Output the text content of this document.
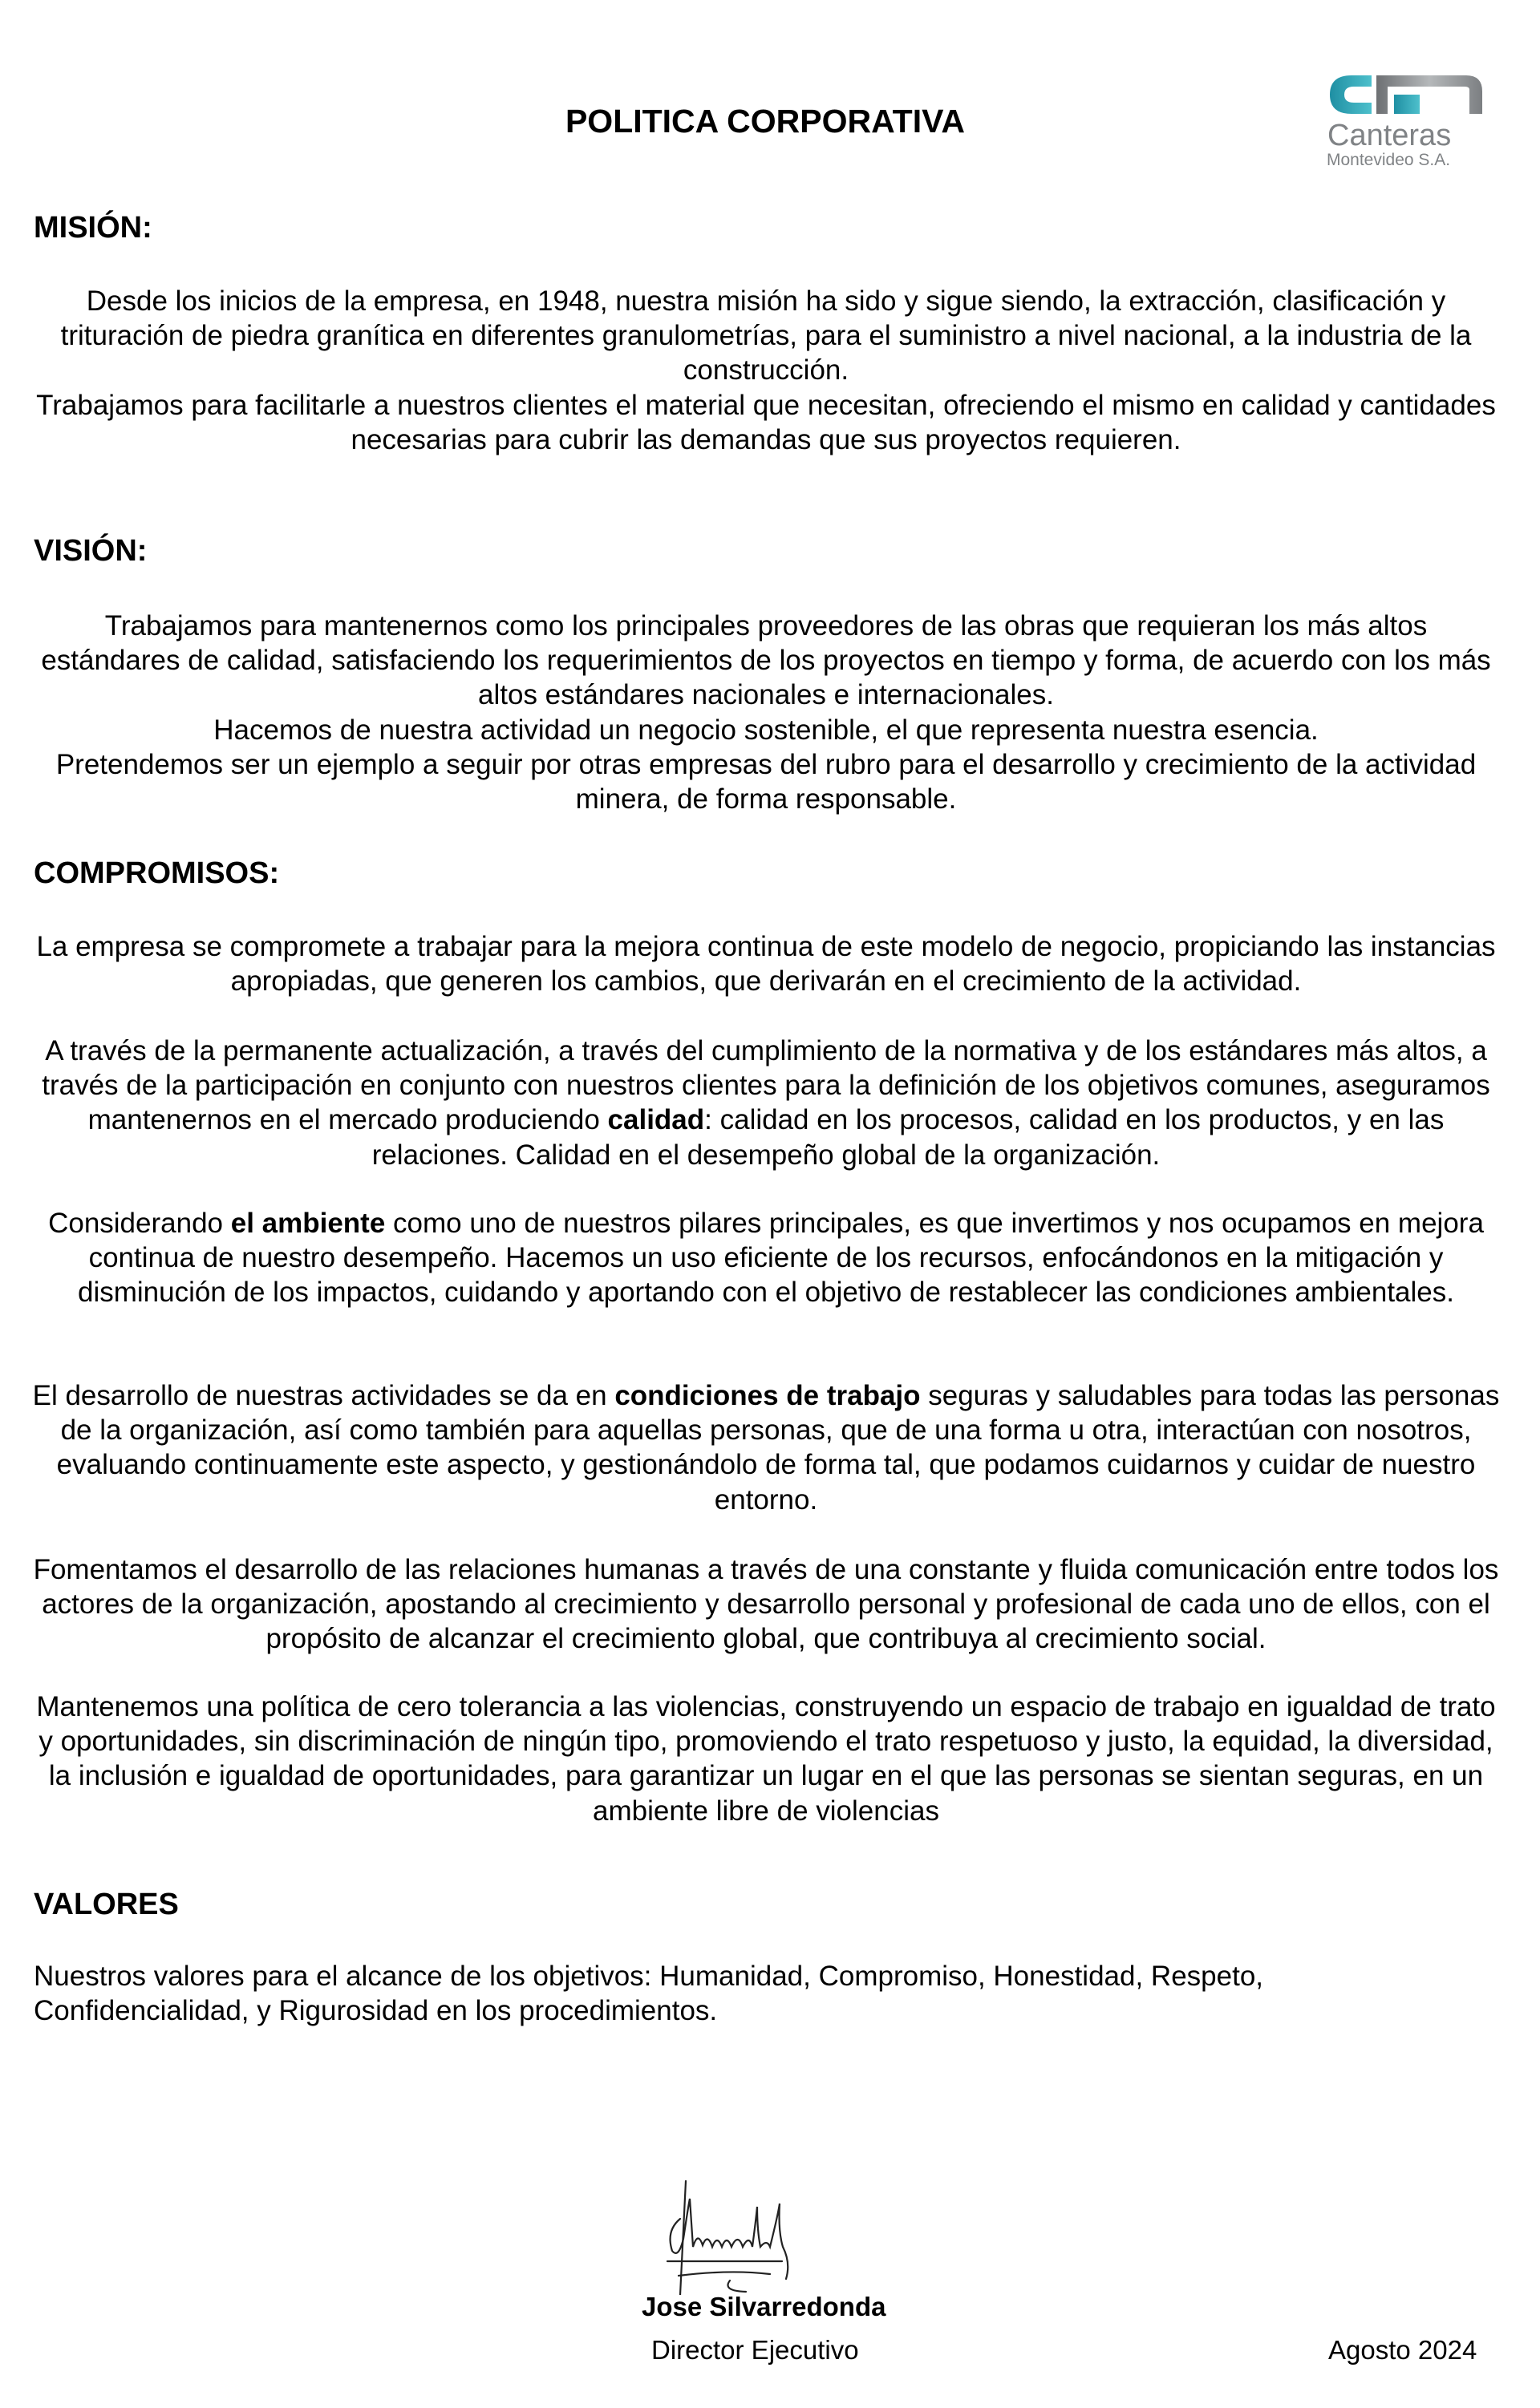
POLITICA CORPORATIVA	Canteras
Montevideo S.A.
MISIÓN:
Desde los inicios de la empresa, en 1948, nuestra misión ha sido y sigue siendo, la extracción, clasificación y trituración de piedra granítica en diferentes granulometrías, para el suministro a nivel nacional, a la industria de la construcción.
Trabajamos para facilitarle a nuestros clientes el material que necesitan, ofreciendo el mismo en calidad y cantidades necesarias para cubrir las demandas que sus proyectos requieren.
VISIÓN:
Trabajamos para mantenernos como los principales proveedores de las obras que requieran los más altos estándares de calidad, satisfaciendo los requerimientos de los proyectos en tiempo y forma, de acuerdo con los más altos estándares nacionales e internacionales.
Hacemos de nuestra actividad un negocio sostenible, el que representa nuestra esencia.
Pretendemos ser un ejemplo a seguir por otras empresas del rubro para el desarrollo y crecimiento de la actividad minera, de forma responsable.
COMPROMISOS:
La empresa se compromete a trabajar para la mejora continua de este modelo de negocio, propiciando las instancias apropiadas, que generen los cambios, que derivarán en el crecimiento de la actividad.
A través de la permanente actualización, a través del cumplimiento de la normativa y de los estándares más altos, a través de la participación en conjunto con nuestros clientes para la definición de los objetivos comunes, aseguramos mantenernos en el mercado produciendo calidad: calidad en los procesos, calidad en los productos, y en las relaciones. Calidad en el desempeño global de la organización.
Considerando el ambiente como uno de nuestros pilares principales, es que invertimos y nos ocupamos en mejora continua de nuestro desempeño. Hacemos un uso eficiente de los recursos, enfocándonos en la mitigación y disminución de los impactos, cuidando y aportando con el objetivo de restablecer las condiciones ambientales.
El desarrollo de nuestras actividades se da en condiciones de trabajo seguras y saludables para todas las personas de la organización, así como también para aquellas personas, que de una forma u otra, interactúan con nosotros, evaluando continuamente este aspecto, y gestionándolo de forma tal, que podamos cuidarnos y cuidar de nuestro entorno.
Fomentamos el desarrollo de las relaciones humanas a través de una constante y fluida comunicación entre todos los actores de la organización, apostando al crecimiento y desarrollo personal y profesional de cada uno de ellos, con el propósito de alcanzar el crecimiento global, que contribuya al crecimiento social.
Mantenemos una política de cero tolerancia a las violencias, construyendo un espacio de trabajo en igualdad de trato y oportunidades, sin discriminación de ningún tipo, promoviendo el trato respetuoso y justo, la equidad, la diversidad, la inclusión e igualdad de oportunidades, para garantizar un lugar en el que las personas se sientan seguras, en un ambiente libre de violencias
VALORES
Nuestros valores para el alcance de los objetivos: Humanidad, Compromiso, Honestidad, Respeto, Confidencialidad, y Rigurosidad en los procedimientos.
Jose Silvarredonda
Director Ejecutivo	Agosto 2024
